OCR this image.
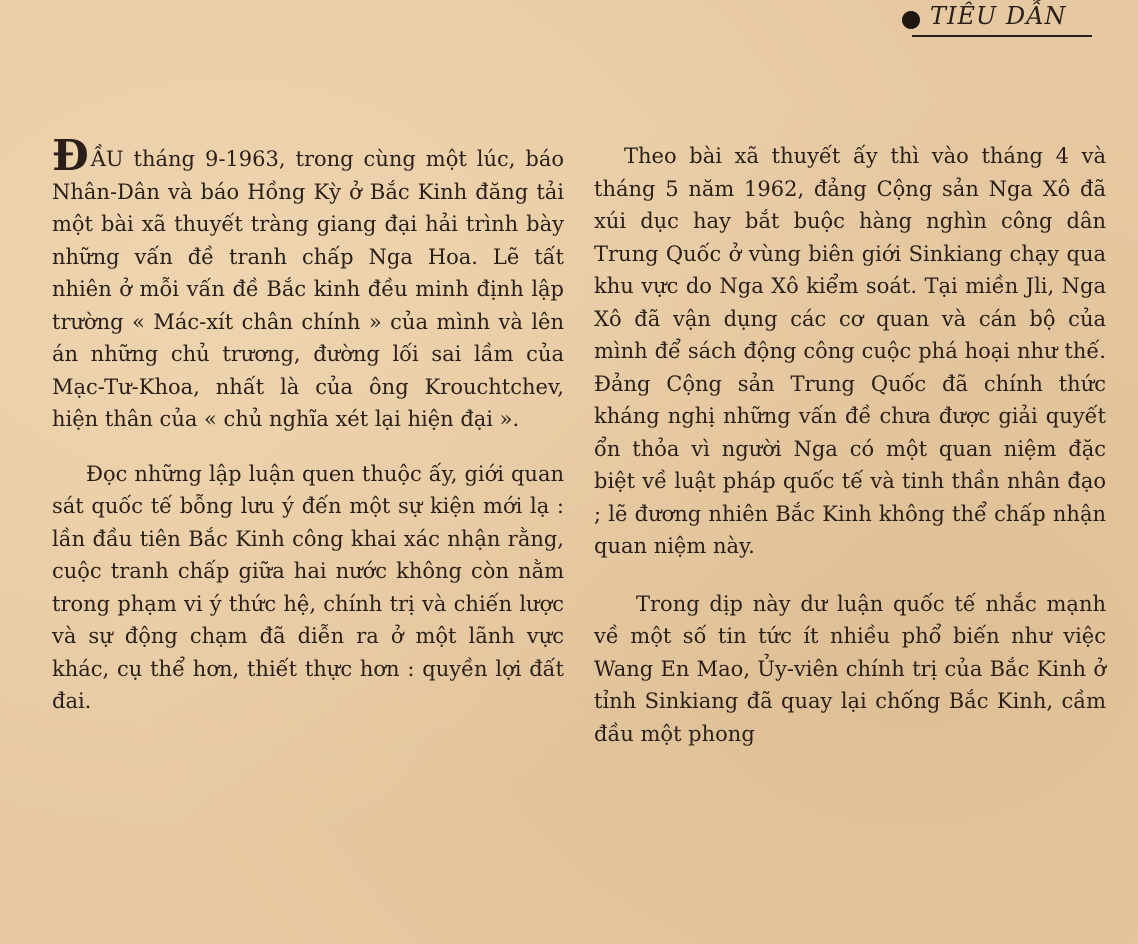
TIÊU DẪN

ĐẦU tháng 9-1963, trong cùng một lúc, báo Nhân-Dân và báo Hồng Kỳ ở Bắc Kinh đăng tải một bài xã thuyết tràng giang đại hải trình bày những vấn đề tranh chấp Nga Hoa. Lẽ tất nhiên ở mỗi vấn đề Bắc kinh đều minh định lập trường « Mác-xít chân chính » của mình và lên án những chủ trương, đường lối sai lầm của Mạc-Tư-Khoa, nhất là của ông Krouchtchev, hiện thân của « chủ nghĩa xét lại hiện đại ».

Đọc những lập luận quen thuộc ấy, giới quan sát quốc tế bỗng lưu ý đến một sự kiện mới lạ : lần đầu tiên Bắc Kinh công khai xác nhận rằng, cuộc tranh chấp giữa hai nước không còn nằm trong phạm vi ý thức hệ, chính trị và chiến lược và sự động chạm đã diễn ra ở một lãnh vực khác, cụ thể hơn, thiết thực hơn : quyền lợi đất đai.

Theo bài xã thuyết ấy thì vào tháng 4 và tháng 5 năm 1962, đảng Cộng sản Nga Xô đã xúi dục hay bắt buộc hàng nghìn công dân Trung Quốc ở vùng biên giới Sinkiang chạy qua khu vực do Nga Xô kiểm soát. Tại miền Jli, Nga Xô đã vận dụng các cơ quan và cán bộ của mình để sách động công cuộc phá hoại như thế. Đảng Cộng sản Trung Quốc đã chính thức kháng nghị những vấn đề chưa được giải quyết ổn thỏa vì người Nga có một quan niệm đặc biệt về luật pháp quốc tế và tinh thần nhân đạo ; lẽ đương nhiên Bắc Kinh không thể chấp nhận quan niệm này.

Trong dịp này dư luận quốc tế nhắc mạnh về một số tin tức ít nhiều phổ biến như việc Wang En Mao, Ủy-viên chính trị của Bắc Kinh ở tỉnh Sinkiang đã quay lại chống Bắc Kinh, cầm đầu một phong
